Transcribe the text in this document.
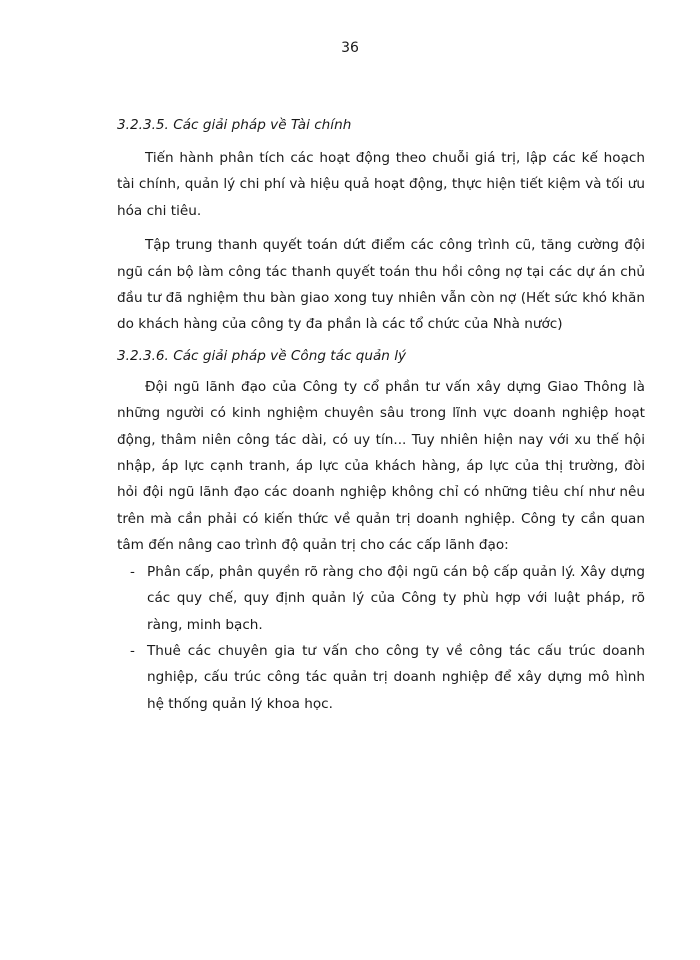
36

3.2.3.5. Các giải pháp về Tài chính

Tiến hành phân tích các hoạt động theo chuỗi giá trị, lập các kế hoạch tài chính, quản lý chi phí và hiệu quả hoạt động, thực hiện tiết kiệm và tối ưu hóa chi tiêu.

Tập trung thanh quyết toán dứt điểm các công trình cũ, tăng cường đội ngũ cán bộ làm công tác thanh quyết toán thu hồi công nợ tại các dự án chủ đầu tư đã nghiệm thu bàn giao xong tuy nhiên vẫn còn nợ (Hết sức khó khăn do khách hàng của công ty đa phần là các tổ chức của Nhà nước)

3.2.3.6. Các giải pháp về Công tác quản lý

Đội ngũ lãnh đạo của Công ty cổ phần tư vấn xây dựng Giao Thông là những người có kinh nghiệm chuyên sâu trong lĩnh vực doanh nghiệp hoạt động, thâm niên công tác dài, có uy tín... Tuy nhiên hiện nay với xu thế hội nhập, áp lực cạnh tranh, áp lực của khách hàng, áp lực của thị trường, đòi hỏi đội ngũ lãnh đạo các doanh nghiệp không chỉ có những tiêu chí như nêu trên mà cần phải có kiến thức về quản trị doanh nghiệp. Công ty cần quan tâm đến nâng cao trình độ quản trị cho các cấp lãnh đạo:

- Phân cấp, phân quyền rõ ràng cho đội ngũ cán bộ cấp quản lý. Xây dựng các quy chế, quy định quản lý của Công ty phù hợp với luật pháp, rõ ràng, minh bạch.
- Thuê các chuyên gia tư vấn cho công ty về công tác cấu trúc doanh nghiệp, cấu trúc công tác quản trị doanh nghiệp để xây dựng mô hình hệ thống quản lý khoa học.
